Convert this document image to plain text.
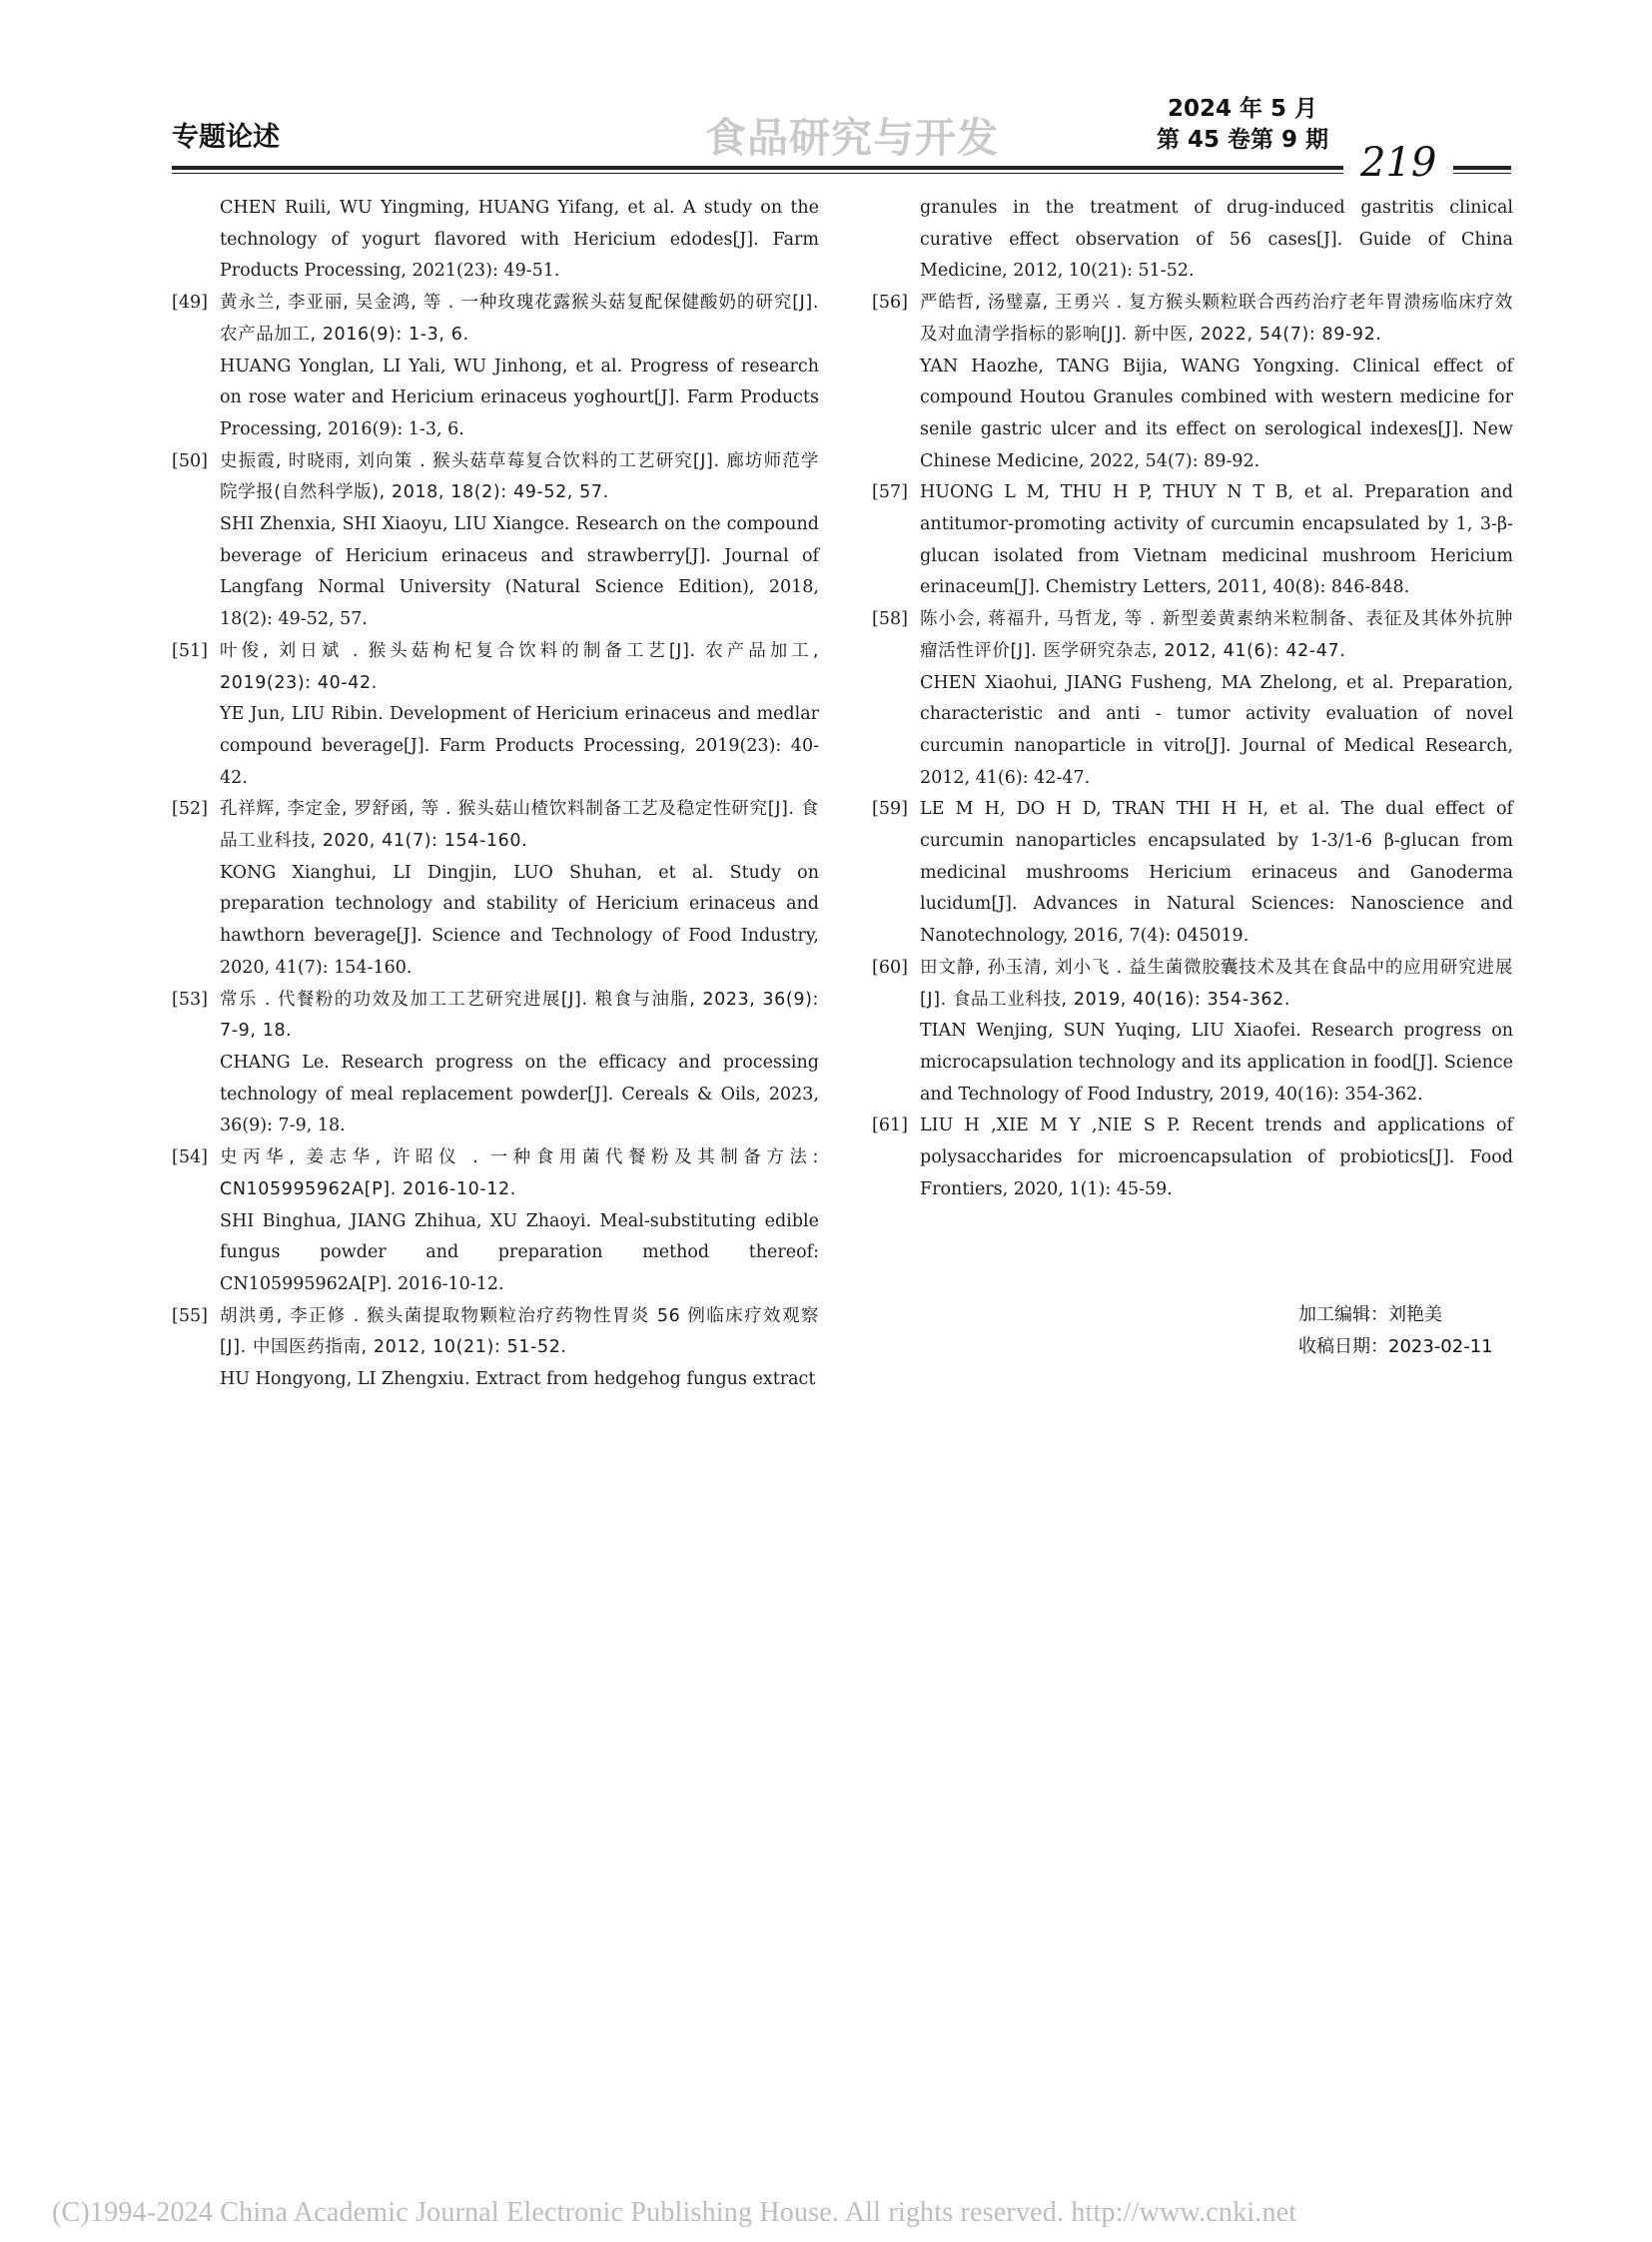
专题论述	食品研究与开发
2024 年 5 月
第 45 卷第 9 期 219
CHEN Ruili, WU Yingming, HUANG Yifang, et al. A study on the technology of yogurt flavored with Hericium edodes[J]. Farm Products Processing, 2021(23): 49-51.
[49] 黄永兰, 李亚丽, 吴金鸿, 等 . 一种玫瑰花露猴头菇复配保健酸奶的研究[J]. 农产品加工, 2016(9): 1-3, 6.
HUANG Yonglan, LI Yali, WU Jinhong, et al. Progress of research on rose water and Hericium erinaceus yoghourt[J]. Farm Products Processing, 2016(9): 1-3, 6.
[50] 史振霞, 时晓雨, 刘向策 . 猴头菇草莓复合饮料的工艺研究[J]. 廊坊师范学院学报(自然科学版), 2018, 18(2): 49-52, 57.
SHI Zhenxia, SHI Xiaoyu, LIU Xiangce. Research on the compound beverage of Hericium erinaceus and strawberry[J]. Journal of Langfang Normal University (Natural Science Edition), 2018, 18(2): 49-52, 57.
[51] 叶俊, 刘日斌 . 猴头菇枸杞复合饮料的制备工艺[J]. 农产品加工, 2019(23): 40-42.
YE Jun, LIU Ribin. Development of Hericium erinaceus and medlar compound beverage[J]. Farm Products Processing, 2019(23): 40-42.
[52] 孔祥辉, 李定金, 罗舒函, 等 . 猴头菇山楂饮料制备工艺及稳定性研究[J]. 食品工业科技, 2020, 41(7): 154-160.
KONG Xianghui, LI Dingjin, LUO Shuhan, et al. Study on preparation technology and stability of Hericium erinaceus and hawthorn beverage[J]. Science and Technology of Food Industry, 2020, 41(7): 154-160.
[53] 常乐 . 代餐粉的功效及加工工艺研究进展[J]. 粮食与油脂, 2023, 36(9): 7-9, 18.
CHANG Le. Research progress on the efficacy and processing technology of meal replacement powder[J]. Cereals & Oils, 2023, 36(9): 7-9, 18.
[54] 史丙华, 姜志华, 许昭仪 . 一种食用菌代餐粉及其制备方法: CN105995962A[P]. 2016-10-12.
SHI Binghua, JIANG Zhihua, XU Zhaoyi. Meal-substituting edible fungus powder and preparation method thereof: CN105995962A[P]. 2016-10-12.
[55] 胡洪勇, 李正修 . 猴头菌提取物颗粒治疗药物性胃炎 56 例临床疗效观察[J]. 中国医药指南, 2012, 10(21): 51-52.
HU Hongyong, LI Zhengxiu. Extract from hedgehog fungus extract
granules in the treatment of drug-induced gastritis clinical curative effect observation of 56 cases[J]. Guide of China Medicine, 2012, 10(21): 51-52.
[56] 严皓哲, 汤璧嘉, 王勇兴 . 复方猴头颗粒联合西药治疗老年胃溃疡临床疗效及对血清学指标的影响[J]. 新中医, 2022, 54(7): 89-92.
YAN Haozhe, TANG Bijia, WANG Yongxing. Clinical effect of compound Houtou Granules combined with western medicine for senile gastric ulcer and its effect on serological indexes[J]. New Chinese Medicine, 2022, 54(7): 89-92.
[57] HUONG L M, THU H P, THUY N T B, et al. Preparation and antitumor-promoting activity of curcumin encapsulated by 1, 3-β-glucan isolated from Vietnam medicinal mushroom Hericium erinaceum[J]. Chemistry Letters, 2011, 40(8): 846-848.
[58] 陈小会, 蒋福升, 马哲龙, 等 . 新型姜黄素纳米粒制备、表征及其体外抗肿瘤活性评价[J]. 医学研究杂志, 2012, 41(6): 42-47.
CHEN Xiaohui, JIANG Fusheng, MA Zhelong, et al. Preparation, characteristic and anti - tumor activity evaluation of novel curcumin nanoparticle in vitro[J]. Journal of Medical Research, 2012, 41(6): 42-47.
[59] LE M H, DO H D, TRAN THI H H, et al. The dual effect of curcumin nanoparticles encapsulated by 1-3/1-6 β-glucan from medicinal mushrooms Hericium erinaceus and Ganoderma lucidum[J]. Advances in Natural Sciences: Nanoscience and Nanotechnology, 2016, 7(4): 045019.
[60] 田文静, 孙玉清, 刘小飞 . 益生菌微胶囊技术及其在食品中的应用研究进展[J]. 食品工业科技, 2019, 40(16): 354-362.
TIAN Wenjing, SUN Yuqing, LIU Xiaofei. Research progress on microcapsulation technology and its application in food[J]. Science and Technology of Food Industry, 2019, 40(16): 354-362.
[61] LIU H ,XIE M Y ,NIE S P. Recent trends and applications of polysaccharides for microencapsulation of probiotics[J]. Food Frontiers, 2020, 1(1): 45-59.
加工编辑：刘艳美
收稿日期：2023-02-11
(C)1994-2024 China Academic Journal Electronic Publishing House. All rights reserved. http://www.cnki.net
